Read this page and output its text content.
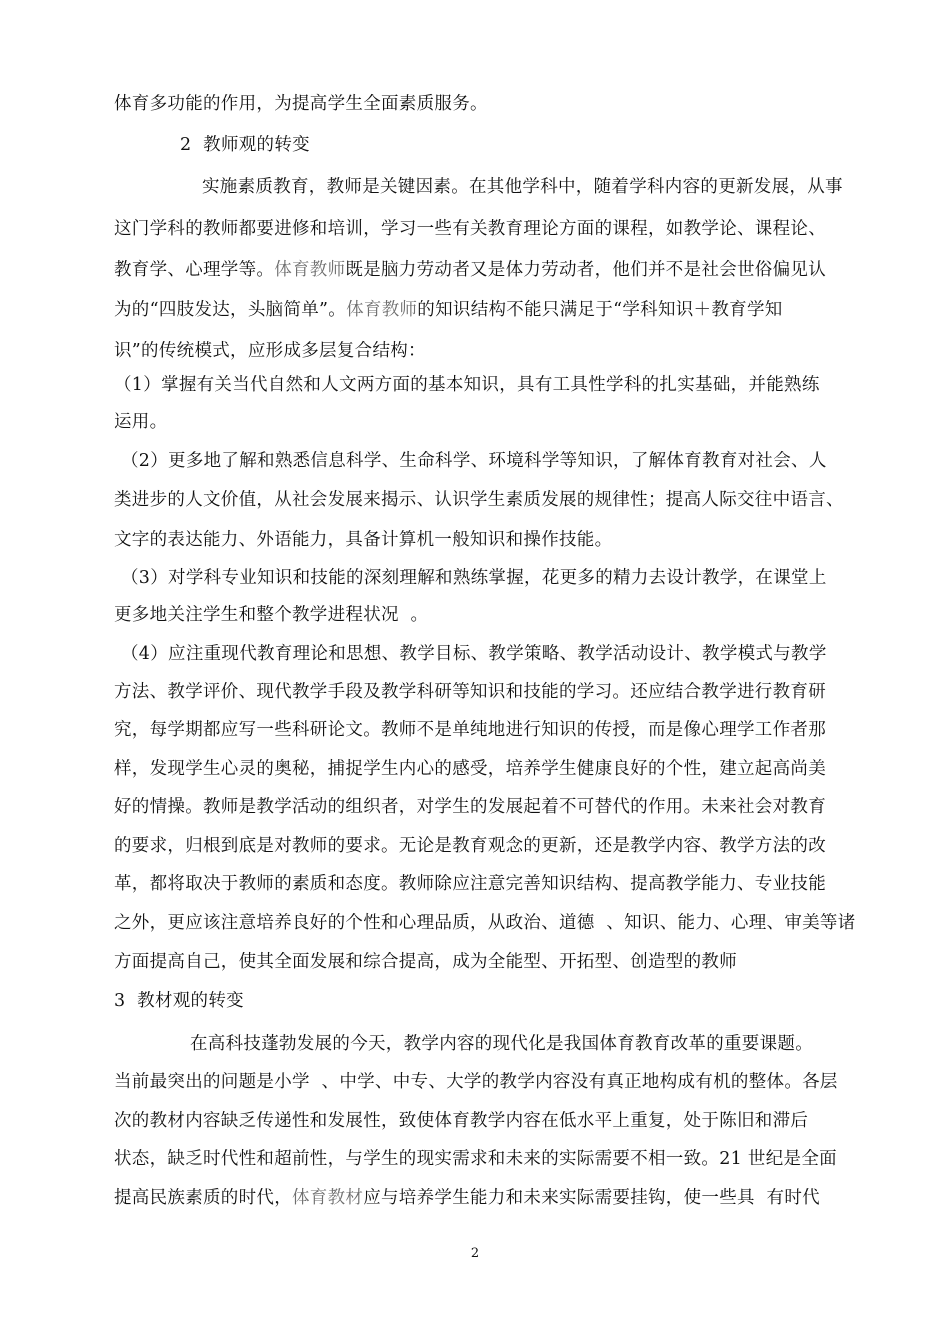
体育多功能的作用，为提高学生全面素质服务。
2  教师观的转变
实施素质教育，教师是关键因素。在其他学科中，随着学科内容的更新发展，从事
这门学科的教师都要进修和培训，学习一些有关教育理论方面的课程，如教学论、课程论、
教育学、心理学等。体育教师既是脑力劳动者又是体力劳动者，他们并不是社会世俗偏见认
为的“四肢发达，头脑简单”。体育教师的知识结构不能只满足于“学科知识＋教育学知
识”的传统模式，应形成多层复合结构：
（1）掌握有关当代自然和人文两方面的基本知识，具有工具性学科的扎实基础，并能熟练
运用。
（2）更多地了解和熟悉信息科学、生命科学、环境科学等知识，了解体育教育对社会、人
类进步的人文价值，从社会发展来揭示、认识学生素质发展的规律性；提高人际交往中语言、
文字的表达能力、外语能力，具备计算机一般知识和操作技能。
（3）对学科专业知识和技能的深刻理解和熟练掌握，花更多的精力去设计教学，在课堂上
更多地关注学生和整个教学进程状况  。
（4）应注重现代教育理论和思想、教学目标、教学策略、教学活动设计、教学模式与教学
方法、教学评价、现代教学手段及教学科研等知识和技能的学习。还应结合教学进行教育研
究，每学期都应写一些科研论文。教师不是单纯地进行知识的传授，而是像心理学工作者那
样，发现学生心灵的奥秘，捕捉学生内心的感受，培养学生健康良好的个性，建立起高尚美
好的情操。教师是教学活动的组织者，对学生的发展起着不可替代的作用。未来社会对教育
的要求，归根到底是对教师的要求。无论是教育观念的更新，还是教学内容、教学方法的改
革，都将取决于教师的素质和态度。教师除应注意完善知识结构、提高教学能力、专业技能
之外，更应该注意培养良好的个性和心理品质，从政治、道德  、知识、能力、心理、审美等诸
方面提高自己，使其全面发展和综合提高，成为全能型、开拓型、创造型的教师
3  教材观的转变
在高科技蓬勃发展的今天，教学内容的现代化是我国体育教育改革的重要课题。
当前最突出的问题是小学  、中学、中专、大学的教学内容没有真正地构成有机的整体。各层
次的教材内容缺乏传递性和发展性，致使体育教学内容在低水平上重复，处于陈旧和滞后
状态，缺乏时代性和超前性，与学生的现实需求和未来的实际需要不相一致。21 世纪是全面
提高民族素质的时代，体育教材应与培养学生能力和未来实际需要挂钩，使一些具  有时代
2
